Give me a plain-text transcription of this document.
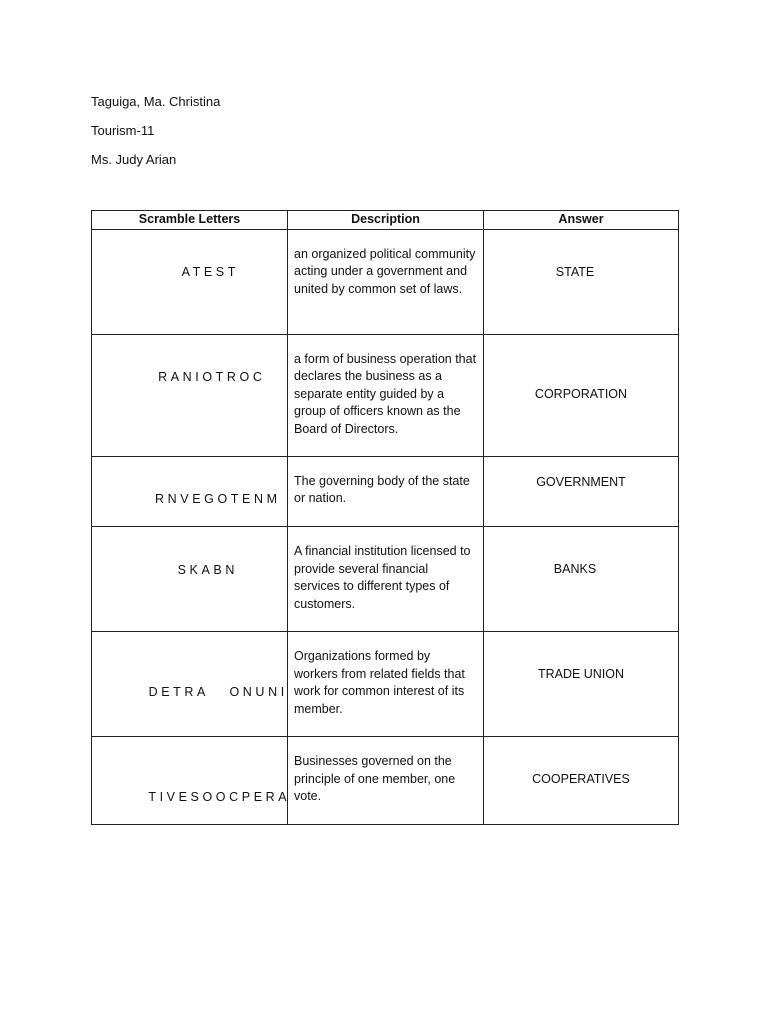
Taguiga, Ma. Christina
Tourism-11
Ms. Judy Arian
Scramble Letters	Description	Answer

ATEST	an organized political community acting under a government and united by common set of laws.	STATE

RANIOTROC	a form of business operation that declares the business as a separate entity guided by a group of officers known as the Board of Directors.	CORPORATION

RNVEGOTENM	The governing body of the state or nation.	GOVERNMENT

SKABN	A financial institution licensed to provide several financial services to different types of customers.	BANKS

DETRA   ONUNI	Organizations formed by workers from related fields that work for common interest of its member.	TRADE UNION

TIVESOOCPERA	Businesses governed on the principle of one member, one vote.	COOPERATIVES
